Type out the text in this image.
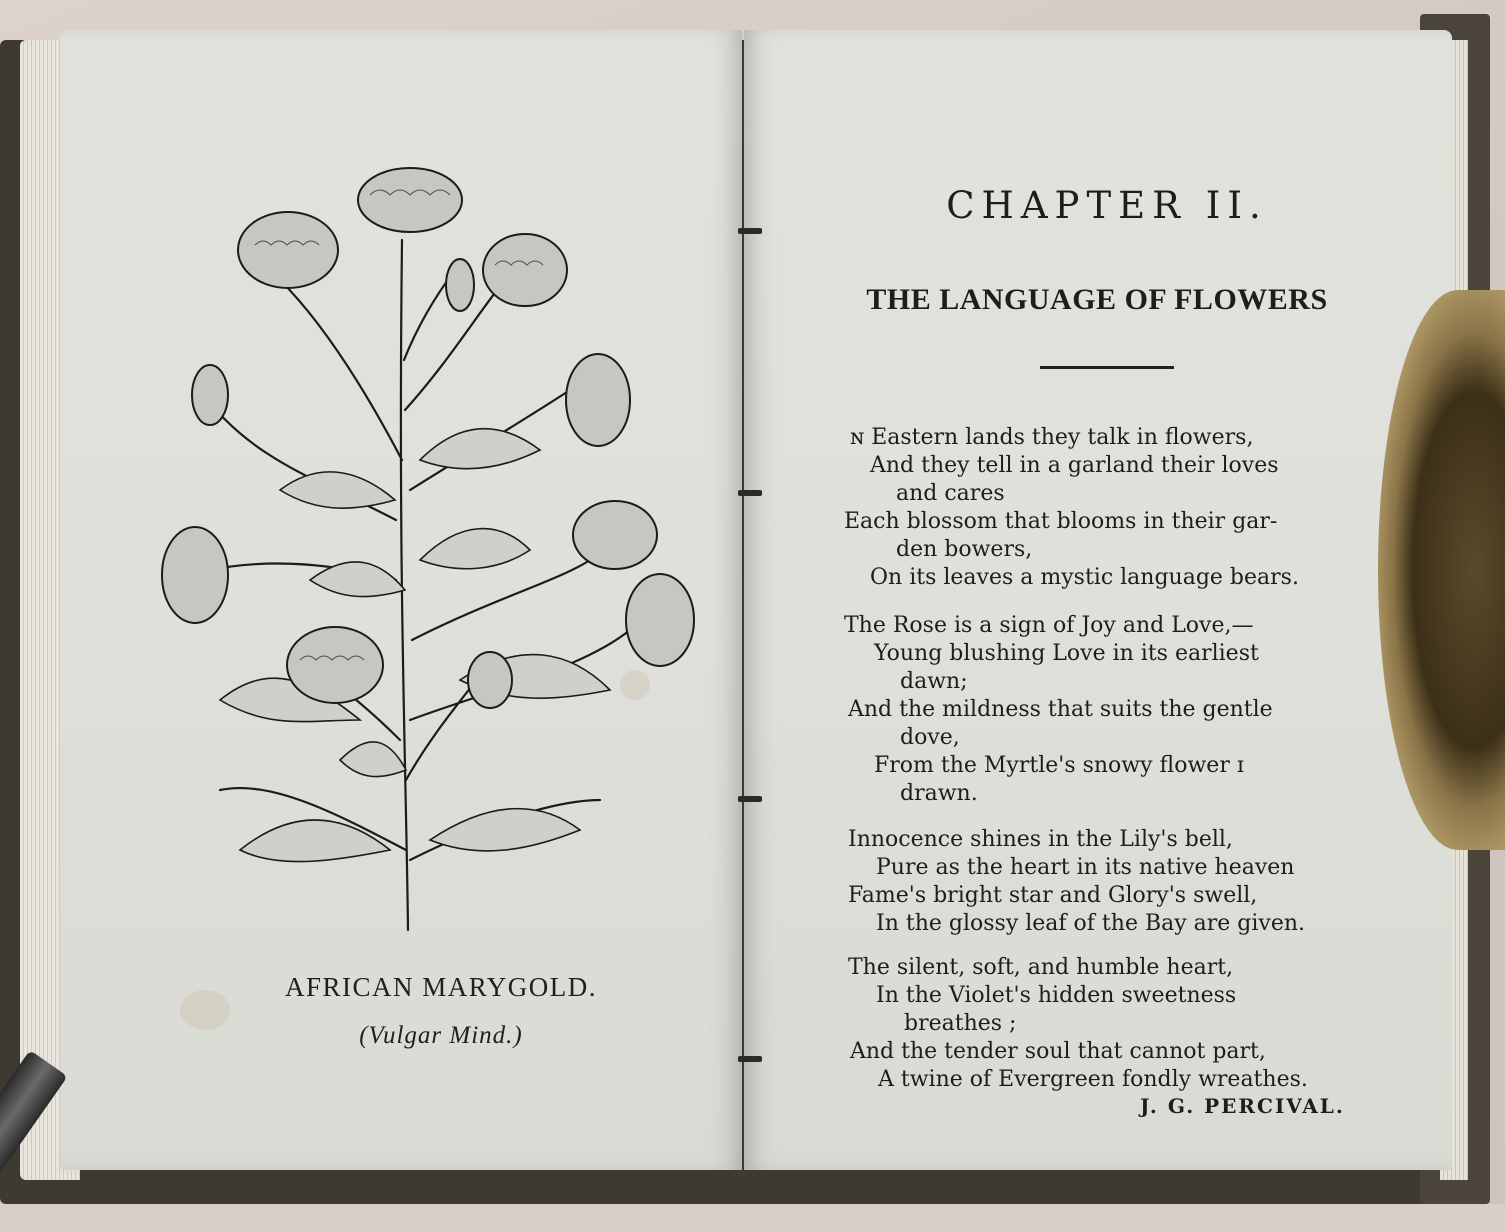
AFRICAN MARYGOLD.
(Vulgar Mind.)
CHAPTER II.
THE LANGUAGE OF FLOWERS
ɴ Eastern lands they talk in flowers,
And they tell in a garland their loves
and cares
Each blossom that blooms in their gar-
den bowers,
On its leaves a mystic language bears.
The Rose is a sign of Joy and Love,—
Young blushing Love in its earliest
dawn;
And the mildness that suits the gentle
dove,
From the Myrtle's snowy flower ɪ
drawn.
Innocence shines in the Lily's bell,
Pure as the heart in its native heaven
Fame's bright star and Glory's swell,
In the glossy leaf of the Bay are given.
The silent, soft, and humble heart,
In the Violet's hidden sweetness
breathes ;
And the tender soul that cannot part,
A twine of Evergreen fondly wreathes.
J. G. PERCIVAL.
